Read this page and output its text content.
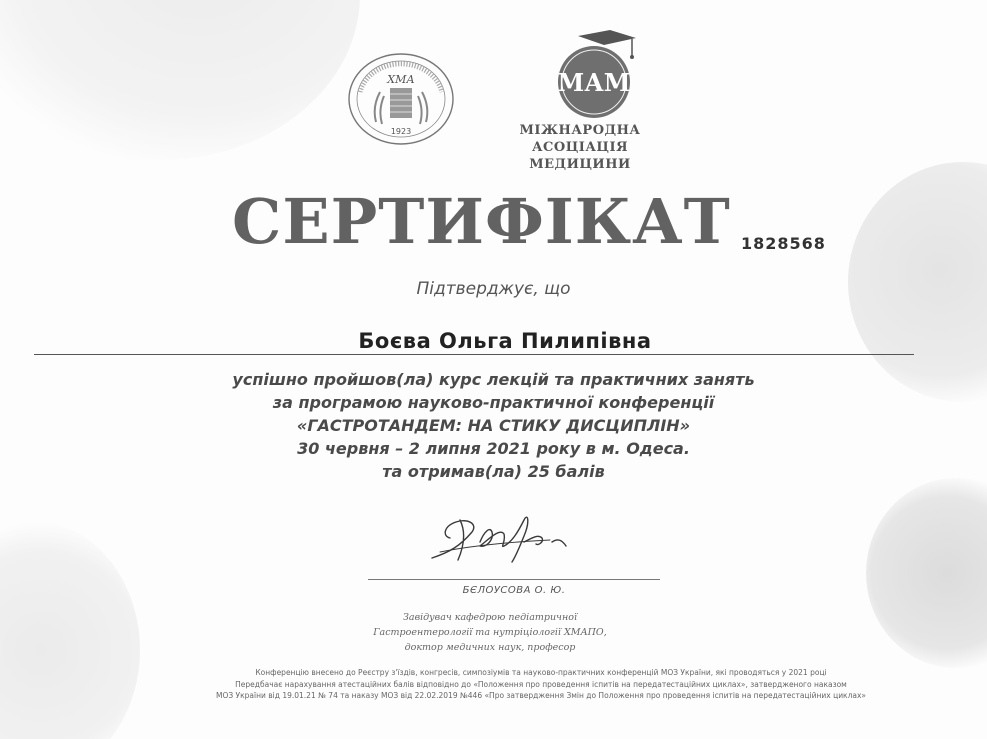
ХМА
1923
МАМ
МІЖНАРОДНА
АСОЦІАЦІЯ МЕДИЦИНИ
СЕРТИФІКАТ 1828568
Підтверджує, що
Боєва Ольга Пилипівна
успішно пройшов(ла) курс лекцій та практичних занять
за програмою науково-практичної конференції
«ГАСТРОТАНДЕМ: НА СТИКУ ДИСЦИПЛІН»
30 червня – 2 липня 2021 року в м. Одеса.
та отримав(ла) 25 балів
БЄЛОУСОВА О. Ю.
Завідувач кафедрою педіатричної
Гастроентерології та нутріціології ХМАПО,
доктор медичних наук, професор
Конференцію внесено до Реєстру з'їздів, конгресів, симпозіумів та науково-практичних конференцій МОЗ України, які проводяться у 2021 році
Передбачає нарахування атестаційних балів відповідно до «Положення про проведення іспитів на передатестаційних циклах», затвердженого наказом
МОЗ України від 19.01.21 № 74 та наказу МОЗ від 22.02.2019 №446 «Про затвердження Змін до Положення про проведення іспитів на передатестаційних циклах»
